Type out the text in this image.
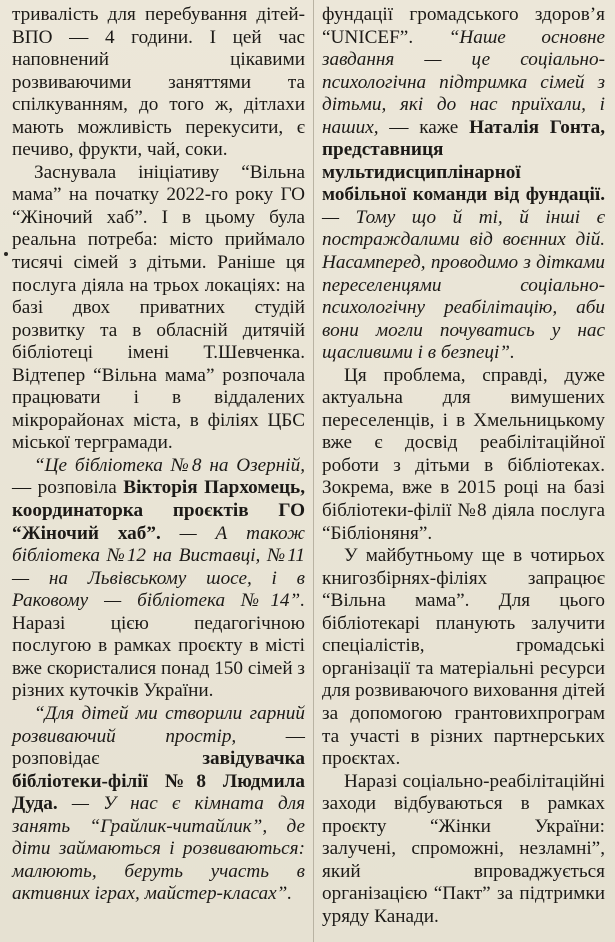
тривалість для перебування дітей-ВПО — 4 години. І цей час наповнений цікавими розвиваючими заняттями та спілкуванням, до того ж, дітлахи мають можливість перекусити, є печиво, фрукти, чай, соки.

Заснувала ініціативу “Вільна мама” на початку 2022-го року ГО “Жіночий хаб”. І в цьому була реальна потреба: місто приймало тисячі сімей з дітьми. Раніше ця послуга діяла на трьох локаціях: на базі двох приватних студій розвитку та в обласній дитячій бібліотеці імені Т.Шевченка. Відтепер “Вільна мама” розпочала працювати і в віддалених мікрорайонах міста, в філіях ЦБС міської терграмади.

“Це бібліотека №8 на Озерній, — розповіла Вікторія Пархомець, координаторка проєктів ГО “Жіночий хаб”. — А також бібліотека №12 на Виставці, №11 — на Львівському шосе, і в Раковому — бібліотека №14”. Наразі цією педагогічною послугою в рамках проєкту в місті вже скористалися понад 150 сімей з різних куточків України.

“Для дітей ми створили гарний розвиваючий простір, — розповідає завідувачка бібліотеки-філії №8 Людмила Дуда. — У нас є кімната для занять “Грайлик-читайлик”, де діти займаються і розвиваються: малюють, беруть участь в активних іграх, майстер-класах”.

фундації громадського здоров’я “UNICEF”. “Наше основне завдання — це соціально-психологічна підтримка сімей з дітьми, які до нас приїхали, і наших, — каже Наталія Гонта, представниця мультидисциплінарної мобільної команди від фундації. — Тому що й ті, й інші є постраждалими від воєнних дій. Насамперед, проводимо з дітками переселенцями соціально-психологічну реабілітацію, аби вони могли почуватись у нас щасливими і в безпеці”.

Ця проблема, справді, дуже актуальна для вимушених переселенців, і в Хмельницькому вже є досвід реабілітаційної роботи з дітьми в бібліотеках. Зокрема, вже в 2015 році на базі бібліотеки-філії №8 діяла послуга “Бібліоняня”.

У майбутньому ще в чотирьох книгозбірнях-філіях запрацює “Вільна мама”. Для цього бібліотекарі планують залучити спеціалістів, громадські організації та матеріальні ресурси для розвиваючого виховання дітей за допомогою грантовихпрограм та участі в різних партнерських проєктах.

Наразі соціально-реабілітаційні заходи відбуваються в рамках проєкту “Жінки України: залучені, спроможні, незламні”, який впроваджується організацією “Пакт” за підтримки уряду Канади.
